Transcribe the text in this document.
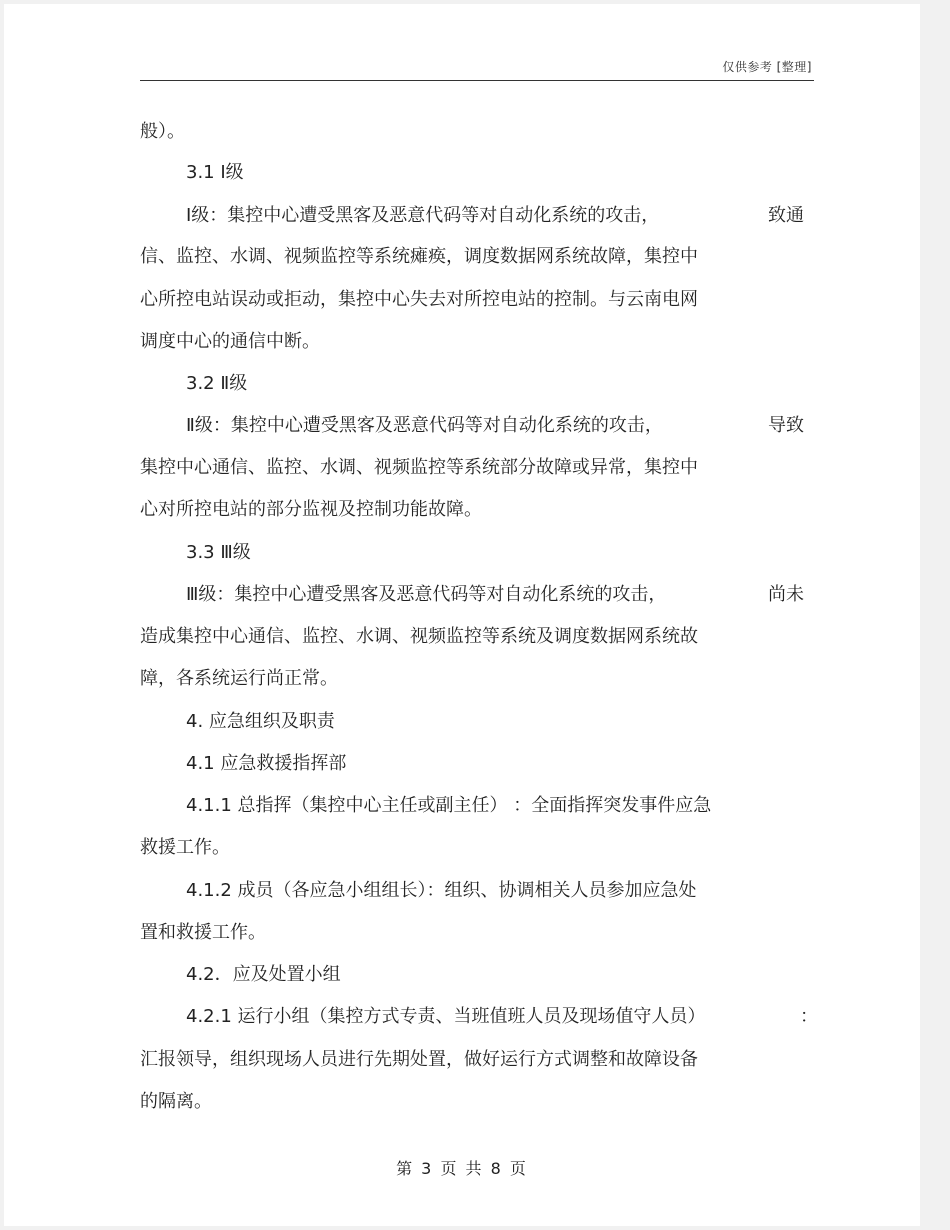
仅供参考 [整理]
般）。
3.1 Ⅰ级
Ⅰ级：集控中心遭受黑客及恶意代码等对自动化系统的攻击，	致通
信、监控、水调、视频监控等系统瘫痪，调度数据网系统故障，集控中
心所控电站误动或拒动，集控中心失去对所控电站的控制。与云南电网
调度中心的通信中断。
3.2 Ⅱ级
Ⅱ级：集控中心遭受黑客及恶意代码等对自动化系统的攻击，	导致
集控中心通信、监控、水调、视频监控等系统部分故障或异常，集控中
心对所控电站的部分监视及控制功能故障。
3.3 Ⅲ级
Ⅲ级：集控中心遭受黑客及恶意代码等对自动化系统的攻击，	尚未
造成集控中心通信、监控、水调、视频监控等系统及调度数据网系统故
障，各系统运行尚正常。
4. 应急组织及职责
4.1 应急救援指挥部
4.1.1 总指挥（集控中心主任或副主任） ：全面指挥突发事件应急
救援工作。
4.1.2 成员（各应急小组组长）：组织、协调相关人员参加应急处
置和救援工作。
4.2．应及处置小组
4.2.1 运行小组（集控方式专责、当班值班人员及现场值守人员）	：
汇报领导，组织现场人员进行先期处置，做好运行方式调整和故障设备
的隔离。
第 3 页 共 8 页
